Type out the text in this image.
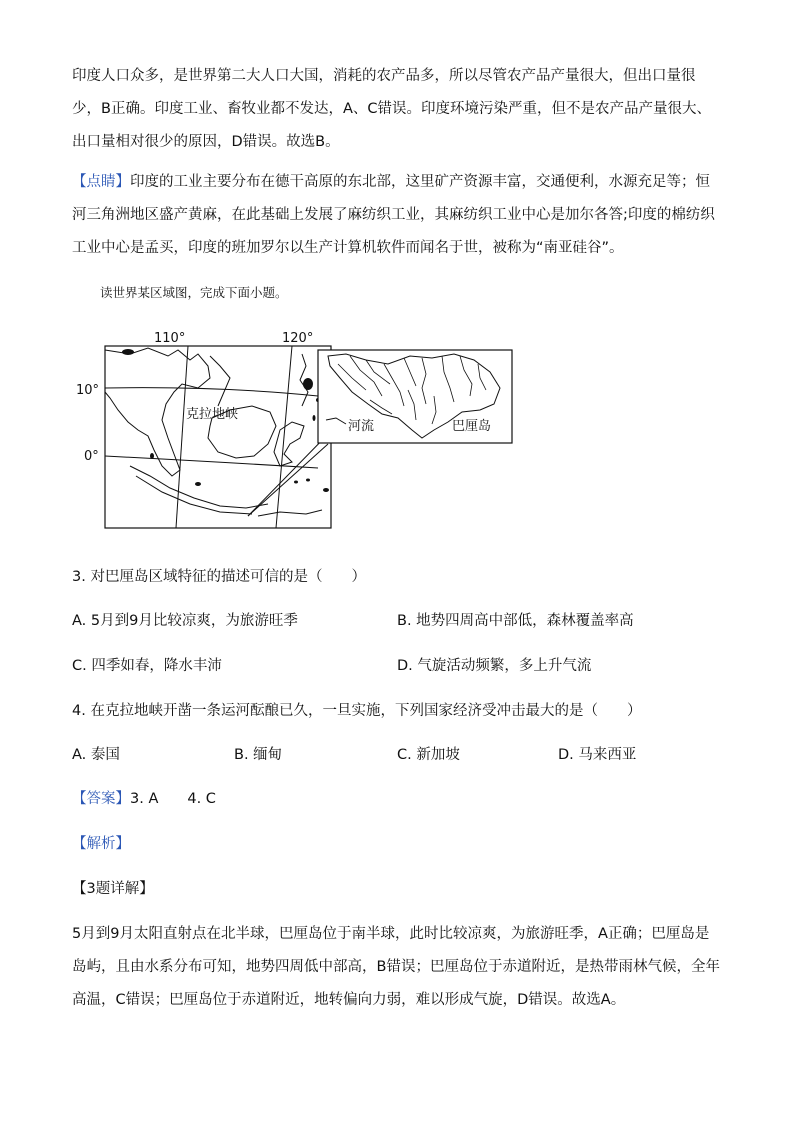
印度人口众多，是世界第二大人口大国，消耗的农产品多，所以尽管农产品产量很大，但出口量很少，B正确。印度工业、畜牧业都不发达，A、C错误。印度环境污染严重，但不是农产品产量很大、出口量相对很少的原因，D错误。故选B。

【点睛】印度的工业主要分布在德干高原的东北部，这里矿产资源丰富，交通便利，水源充足等；恒河三角洲地区盛产黄麻，在此基础上发展了麻纺织工业，其麻纺织工业中心是加尔各答;印度的棉纺织工业中心是孟买，印度的班加罗尔以生产计算机软件而闻名于世，被称为“南亚硅谷”。

读世界某区域图，完成下面小题。
110°	120°
10°
0°
克拉地峡
河流	巴厘岛
3. 对巴厘岛区域特征的描述可信的是（　　）
A. 5月到9月比较凉爽，为旅游旺季	B. 地势四周高中部低，森林覆盖率高
C. 四季如春，降水丰沛	D. 气旋活动频繁，多上升气流
4. 在克拉地峡开凿一条运河酝酿已久，一旦实施，下列国家经济受冲击最大的是（　　）
A. 泰国	B. 缅甸	C. 新加坡	D. 马来西亚
【答案】3. A　　4. C
【解析】
【3题详解】

5月到9月太阳直射点在北半球，巴厘岛位于南半球，此时比较凉爽，为旅游旺季，A正确；巴厘岛是岛屿，且由水系分布可知，地势四周低中部高，B错误；巴厘岛位于赤道附近，是热带雨林气候，全年高温，C错误；巴厘岛位于赤道附近，地转偏向力弱，难以形成气旋，D错误。故选A。
